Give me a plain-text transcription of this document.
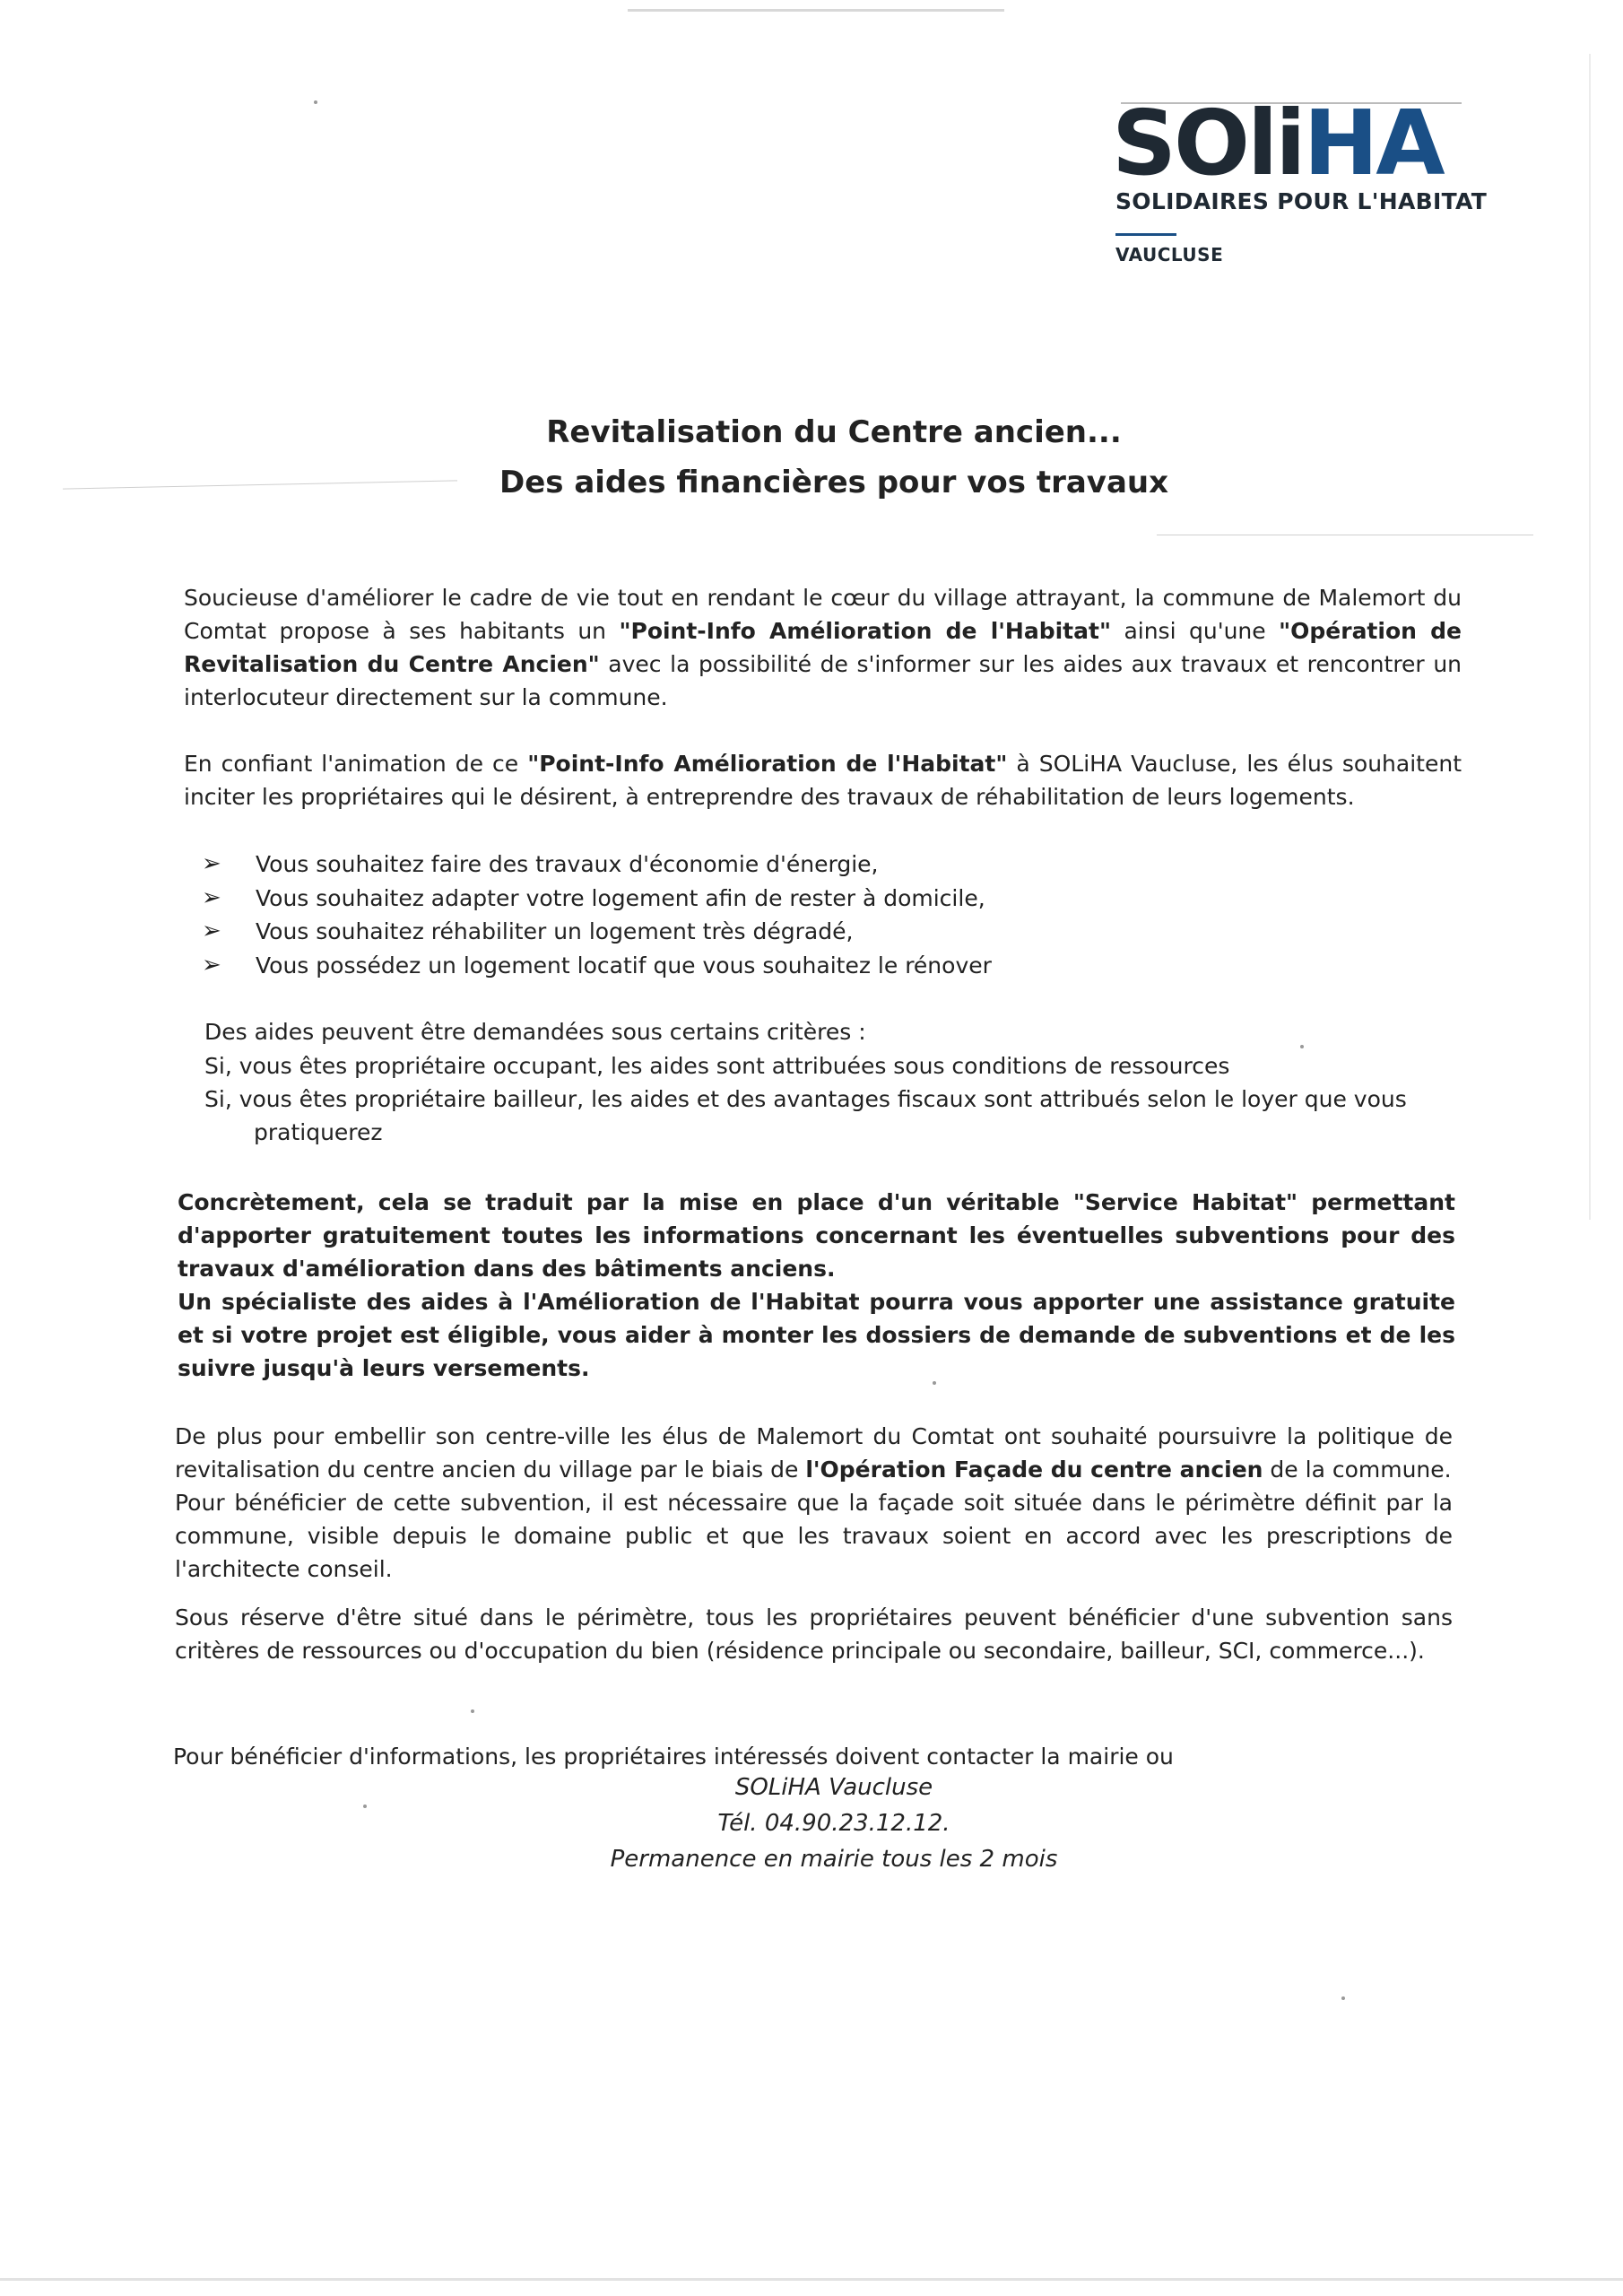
SOliHA
SOLIDAIRES POUR L'HABITAT
VAUCLUSE
Revitalisation du Centre ancien...
Des aides financières pour vos travaux
Soucieuse d'améliorer le cadre de vie tout en rendant le cœur du village attrayant, la commune de Malemort du Comtat propose à ses habitants un "Point-Info Amélioration de l'Habitat" ainsi qu'une "Opération de Revitalisation du Centre Ancien" avec la possibilité de s'informer sur les aides aux travaux et rencontrer un interlocuteur directement sur la commune.
En confiant l'animation de ce "Point-Info Amélioration de l'Habitat" à SOLiHA Vaucluse, les élus souhaitent inciter les propriétaires qui le désirent, à entreprendre des travaux de réhabilitation de leurs logements.
➢	Vous souhaitez faire des travaux d'économie d'énergie,
➢	Vous souhaitez adapter votre logement afin de rester à domicile,
➢	Vous souhaitez réhabiliter un logement très dégradé,
➢	Vous possédez un logement locatif que vous souhaitez le rénover
Des aides peuvent être demandées sous certains critères :
Si, vous êtes propriétaire occupant, les aides sont attribuées sous conditions de ressources
Si, vous êtes propriétaire bailleur, les aides et des avantages fiscaux sont attribués selon le loyer que vous
pratiquerez
Concrètement, cela se traduit par la mise en place d'un véritable "Service Habitat" permettant d'apporter gratuitement toutes les informations concernant les éventuelles subventions pour des travaux d'amélioration dans des bâtiments anciens.
Un spécialiste des aides à l'Amélioration de l'Habitat pourra vous apporter une assistance gratuite et si votre projet est éligible, vous aider à monter les dossiers de demande de subventions et de les suivre jusqu'à leurs versements.
De plus pour embellir son centre-ville les élus de Malemort du Comtat ont souhaité poursuivre la politique de revitalisation du centre ancien du village par le biais de l'Opération Façade du centre ancien de la commune.
Pour bénéficier de cette subvention, il est nécessaire que la façade soit située dans le périmètre définit par la commune, visible depuis le domaine public et que les travaux soient en accord avec les prescriptions de l'architecte conseil.
Sous réserve d'être situé dans le périmètre, tous les propriétaires peuvent bénéficier d'une subvention sans critères de ressources ou d'occupation du bien (résidence principale ou secondaire, bailleur, SCI, commerce...).
Pour bénéficier d'informations, les propriétaires intéressés doivent contacter la mairie ou
SOLiHA Vaucluse
Tél. 04.90.23.12.12.
Permanence en mairie tous les 2 mois
